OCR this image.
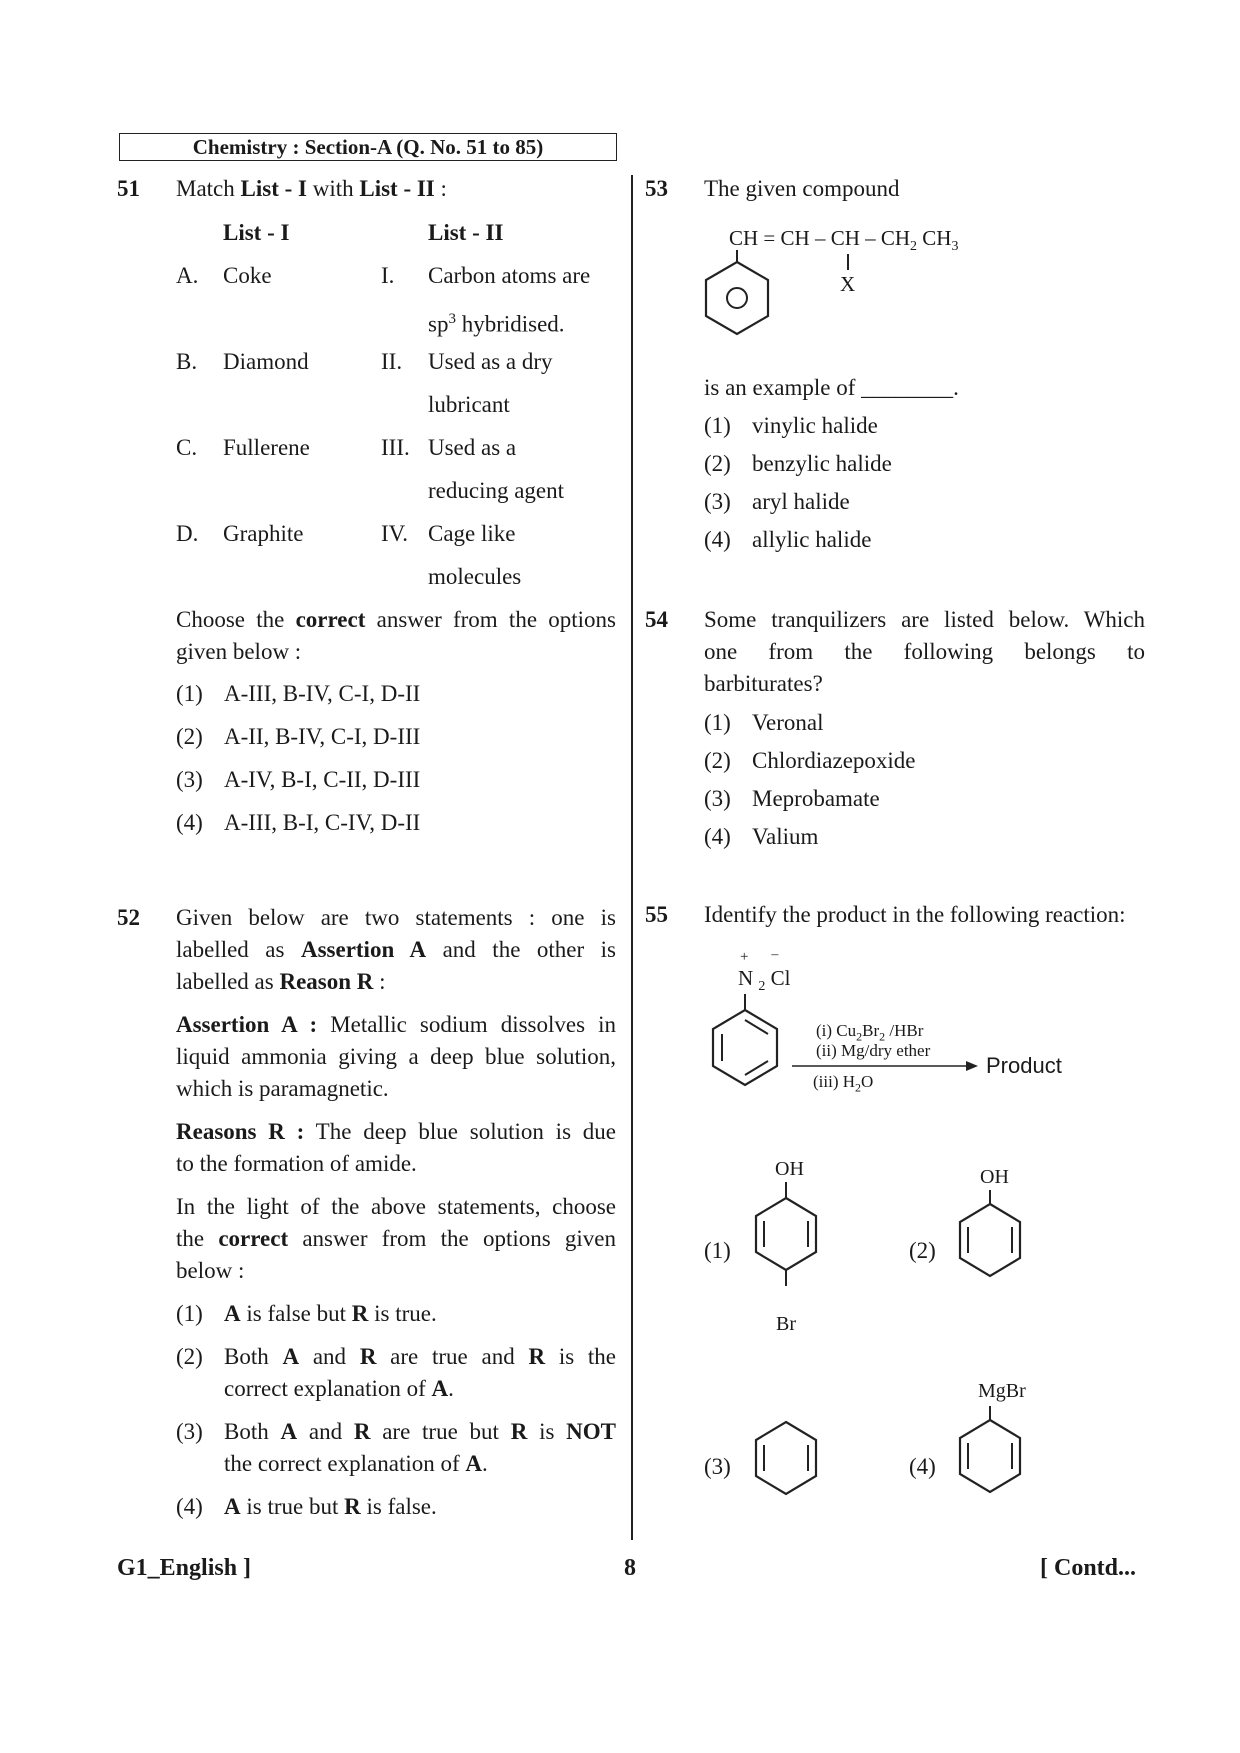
Chemistry : Section-A (Q. No. 51 to 85)
51 Match List - I with List - II :
List - I	List - II
A. Coke	I. Carbon atoms are
$sp^3$ hybridised.
B. Diamond	II. Used as a dry
lubricant
C. Fullerene	III. Used as a
reducing agent
D. Graphite	IV. Cage like
molecules
Choose the correct answer from the options
given below :
(1) A-III, B-IV, C-I, D-II
(2) A-II, B-IV, C-I, D-III
(3) A-IV, B-I, C-II, D-III
(4) A-III, B-I, C-IV, D-II
52 Given below are two statements : one is
labelled as Assertion A and the other is
labelled as Reason R :
Assertion A : Metallic sodium dissolves in
liquid ammonia giving a deep blue solution,
which is paramagnetic.
Reasons R : The deep blue solution is due
to the formation of amide.
In the light of the above statements, choose
the correct answer from the options given
below :
(1) A is false but R is true.
(2) Both A and R are true and R is the
correct explanation of A.
(3) Both A and R are true but R is NOT
the correct explanation of A.
(4) A is true but R is false.
53 The given compound
CH = CH – CH – $CH_2$ $CH_3$
X
is an example of ________.
(1) vinylic halide
(2) benzylic halide
(3) aryl halide
(4) allylic halide
54 Some tranquilizers are listed below. Which
one from the following belongs to
barbiturates?
(1) Veronal
(2) Chlordiazepoxide
(3) Meprobamate
(4) Valium
55 Identify the product in the following reaction:
N
+
$_2$ Cl
–
(i) $Cu_2Br_2$ /HBr
(ii) Mg/dry ether
(iii) $H_2O$
Product
(1)
OH
Br
(2)
OH
(3)	(4)
MgBr
G1_English ]	8	[ Contd...
